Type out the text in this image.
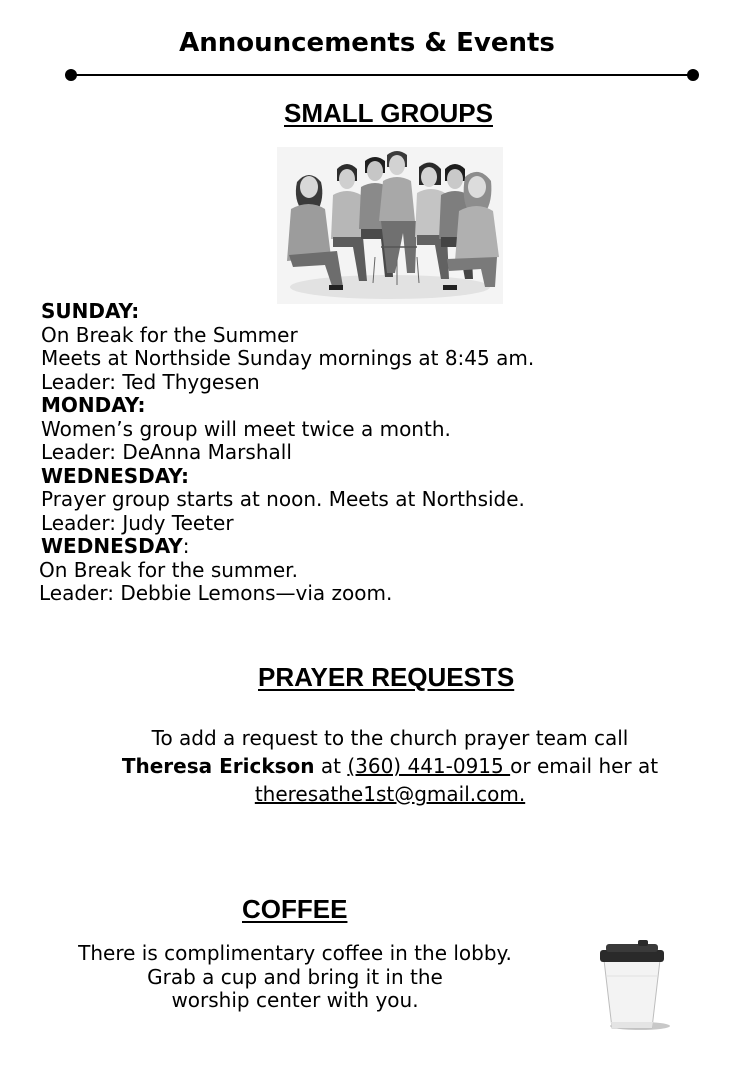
Announcements & Events
SMALL GROUPS
SUNDAY:
On Break for the Summer
Meets at Northside Sunday mornings at 8:45 am.
Leader: Ted Thygesen
MONDAY:
Women’s group will meet twice a month.
Leader: DeAnna Marshall
WEDNESDAY:
Prayer group starts at noon. Meets at Northside.
Leader: Judy Teeter
WEDNESDAY:
On Break for the summer.
Leader: Debbie Lemons—via zoom.
PRAYER REQUESTS
To add a request to the church prayer team call
Theresa Erickson at (360) 441-0915 or email her at
theresathe1st@gmail.com.
COFFEE
There is complimentary coffee in the lobby.
Grab a cup and bring it in the
worship center with you.
